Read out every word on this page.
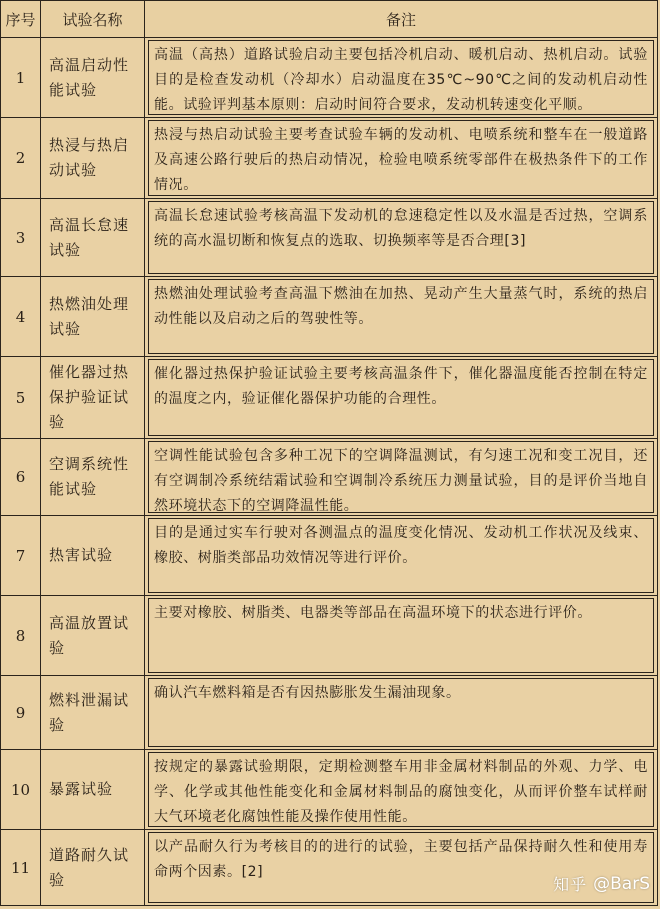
序号	试验名称	备注
1	高温启动性能试验	高温（高热）道路试验启动主要包括冷机启动、暖机启动、热机启动。试验目的是检查发动机（冷却水）启动温度在35℃~90℃之间的发动机启动性能。试验评判基本原则：启动时间符合要求，发动机转速变化平顺。

2	热浸与热启动试验	热浸与热启动试验主要考查试验车辆的发动机、电喷系统和整车在一般道路及高速公路行驶后的热启动情况，检验电喷系统零部件在极热条件下的工作情况。

3	高温长怠速试验	高温长怠速试验考核高温下发动机的怠速稳定性以及水温是否过热，空调系统的高水温切断和恢复点的选取、切换频率等是否合理[3]

4	热燃油处理试验	热燃油处理试验考查高温下燃油在加热、晃动产生大量蒸气时，系统的热启动性能以及启动之后的驾驶性等。

5	催化器过热保护验证试验	催化器过热保护验证试验主要考核高温条件下，催化器温度能否控制在特定的温度之内，验证催化器保护功能的合理性。

6	空调系统性能试验	空调性能试验包含多种工况下的空调降温测试，有匀速工况和变工况目，还有空调制冷系统结霜试验和空调制冷系统压力测量试验，目的是评价当地自然环境状态下的空调降温性能。

7	热害试验	目的是通过实车行驶对各测温点的温度变化情况、发动机工作状况及线束、橡胶、树脂类部品功效情况等进行评价。

8	高温放置试验	主要对橡胶、树脂类、电器类等部品在高温环境下的状态进行评价。

9	燃料泄漏试验	确认汽车燃料箱是否有因热膨胀发生漏油现象。

10	暴露试验	按规定的暴露试验期限，定期检测整车用非金属材料制品的外观、力学、电学、化学或其他性能变化和金属材料制品的腐蚀变化，从而评价整车试样耐大气环境老化腐蚀性能及操作使用性能。

11	道路耐久试验	以产品耐久行为考核目的的进行的试验，主要包括产品保持耐久性和使用寿命两个因素。[2]
知乎 @BarS
